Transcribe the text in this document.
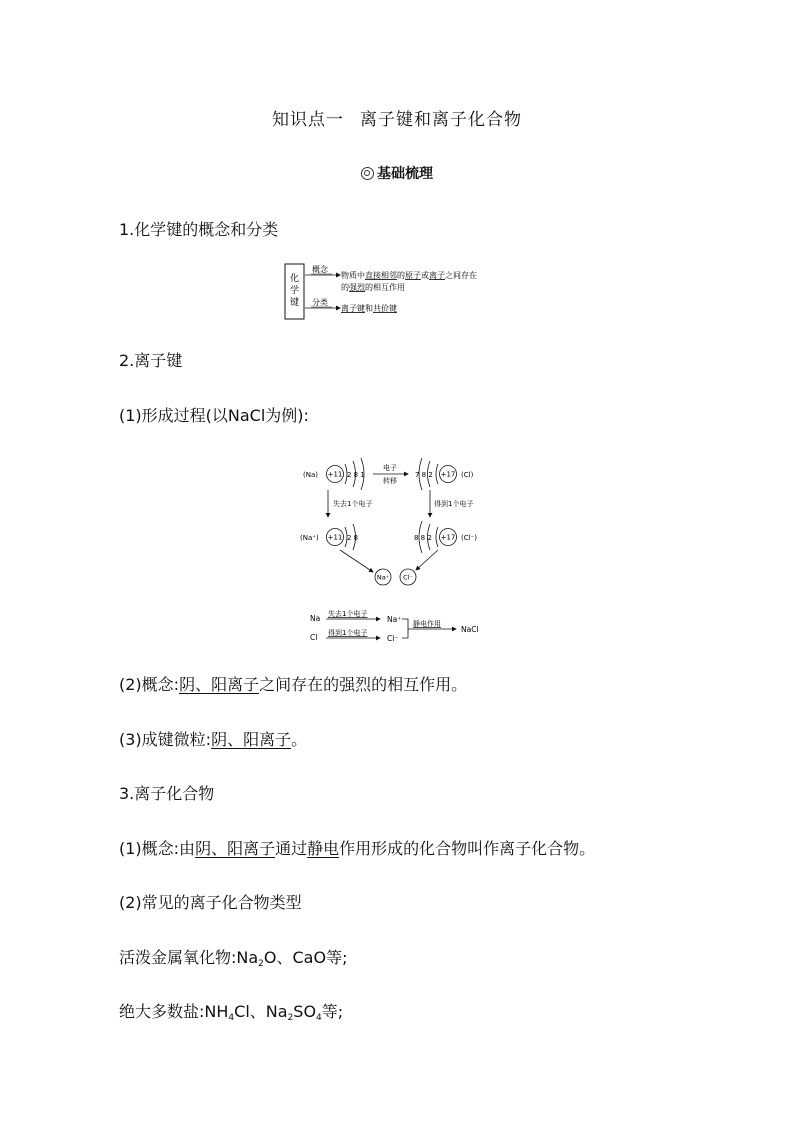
知识点一 离子键和离子化合物
基础梳理
1.化学键的概念和分类
化
学
键
概念
物质中直接相邻的原子或离子之间存在
的强烈的相互作用
分类
离子键和共价键
2.离子键
(1)形成过程(以NaCl为例):
(Na) +11 2 8 1
电子
转移
7 8 2 +17 (Cl)
失去1个电子	得到1个电子
(Na⁺) +11 2 8	8 8 2 +17 (Cl⁻)
Na⁺ Cl⁻
Na 失去1个电子
Na⁺
Cl 得到1个电子
Cl⁻
静电作用
NaCl
(2)概念:阴、阳离子之间存在的强烈的相互作用。
(3)成键微粒:阴、阳离子。
3.离子化合物
(1)概念:由阴、阳离子通过静电作用形成的化合物叫作离子化合物。
(2)常见的离子化合物类型
活泼金属氧化物$:Na_2O$、CaO等;
绝大多数盐$:NH_4Cl$、$Na_2SO_4$等;
